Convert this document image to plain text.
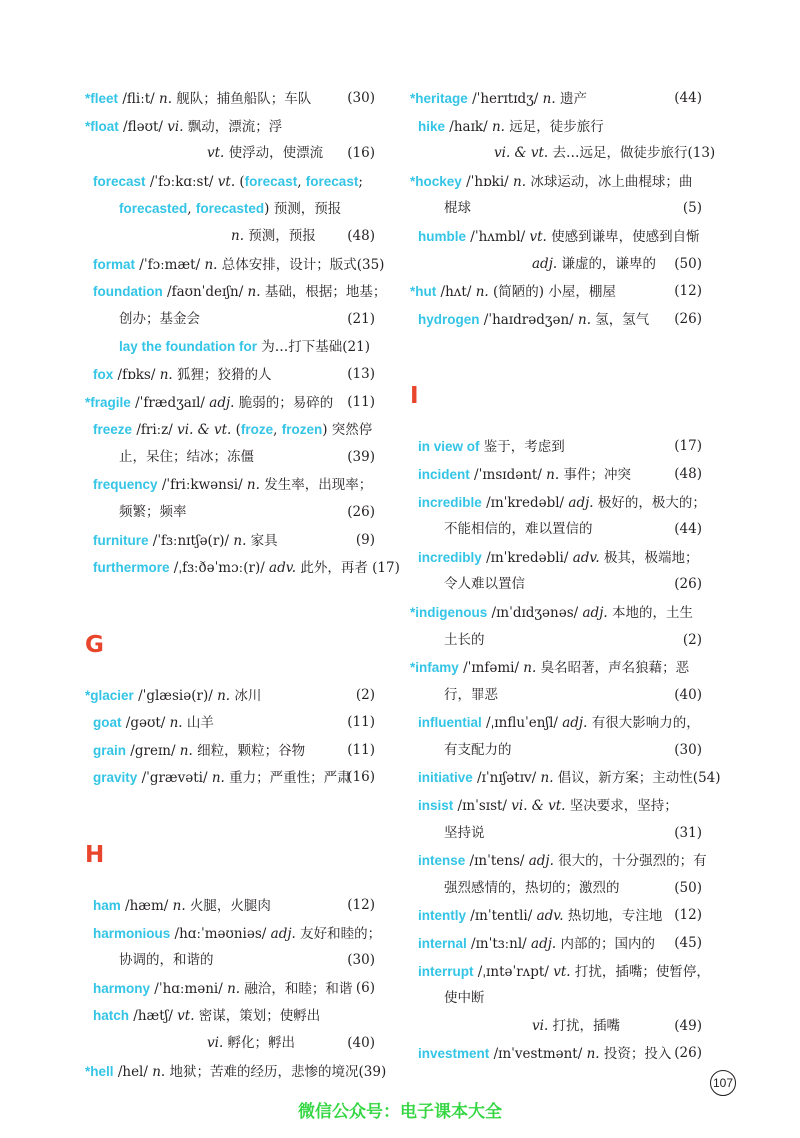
*fleet /fliːt/ n. 舰队；捕鱼船队；车队	(30)
*float /fləʊt/ vi. 飘动，漂流；浮
vt. 使浮动，使漂流 (16)
forecast /ˈfɔːkɑːst/ vt. (forecast, forecast;
forecasted, forecasted) 预测，预报
n. 预测，预报 (48)
format /ˈfɔːmæt/ n. 总体安排，设计；版式(35)
foundation /faʊnˈdeɪʃn/ n. 基础，根据；地基；
创办；基金会	(21)
lay the foundation for 为…打下基础(21)
fox /fɒks/ n. 狐狸；狡猾的人	(13)
*fragile /ˈfrædʒaɪl/ adj. 脆弱的；易碎的 (11)
freeze /friːz/ vi. & vt. (froze, frozen) 突然停
止，呆住；结冰；冻僵	(39)
frequency /ˈfriːkwənsi/ n. 发生率，出现率；
频繁；频率	(26)
furniture /ˈfɜːnɪtʃə(r)/ n. 家具	(9)
furthermore /ˌfɜːðəˈmɔː(r)/ adv. 此外，再者 (17)
G
*glacier /ˈglæsiə(r)/ n. 冰川	(2)
goat /gəʊt/ n. 山羊	(11)
grain /greɪn/ n. 细粒，颗粒；谷物	(11)
gravity /ˈgrævəti/ n. 重力；严重性；严肃
(16)
H
ham /hæm/ n. 火腿，火腿肉	(12)
harmonious /hɑːˈməʊniəs/ adj. 友好和睦的；
协调的，和谐的	(30)
harmony /ˈhɑːməni/ n. 融洽，和睦；和谐 (6)
hatch /hætʃ/ vt. 密谋，策划；使孵出
vi. 孵化；孵出	(40)
*hell /hel/ n. 地狱；苦难的经历，悲惨的境况(39)
*heritage /ˈherɪtɪdʒ/ n. 遗产	(44)
hike /haɪk/ n. 远足，徒步旅行
vi. & vt. 去…远足，做徒步旅行(13)
*hockey /ˈhɒki/ n. 冰球运动，冰上曲棍球；曲
棍球	(5)
humble /ˈhʌmbl/ vt. 使感到谦卑，使感到自惭
adj. 谦虚的，谦卑的 (50)
*hut /hʌt/ n. (简陋的) 小屋，棚屋	(12)
hydrogen /ˈhaɪdrədʒən/ n. 氢，氢气 (26)
I
in view of 鉴于，考虑到	(17)
incident /ˈɪnsɪdənt/ n. 事件；冲突	(48)
incredible /ɪnˈkredəbl/ adj. 极好的，极大的；
不能相信的，难以置信的	(44)
incredibly /ɪnˈkredəbli/ adv. 极其，极端地；
令人难以置信	(26)
*indigenous /ɪnˈdɪdʒənəs/ adj. 本地的，土生
土长的	(2)
*infamy /ˈɪnfəmi/ n. 臭名昭著，声名狼藉；恶
行，罪恶	(40)
influential /ˌɪnfluˈenʃl/ adj. 有很大影响力的，
有支配力的	(30)
initiative /ɪˈnɪʃətɪv/ n. 倡议，新方案；主动性(54)
insist /ɪnˈsɪst/ vi. & vt. 坚决要求，坚持；
坚持说	(31)
intense /ɪnˈtens/ adj. 很大的，十分强烈的；有
强烈感情的，热切的；激烈的	(50)
intently /ɪnˈtentli/ adv. 热切地，专注地 (12)
internal /ɪnˈtɜːnl/ adj. 内部的；国内的 (45)
interrupt /ˌɪntəˈrʌpt/ vt. 打扰，插嘴；使暂停，
使中断
vi. 打扰，插嘴	(49)
investment /ɪnˈvestmənt/ n. 投资；投入 (26)
107
微信公众号：电子课本大全
